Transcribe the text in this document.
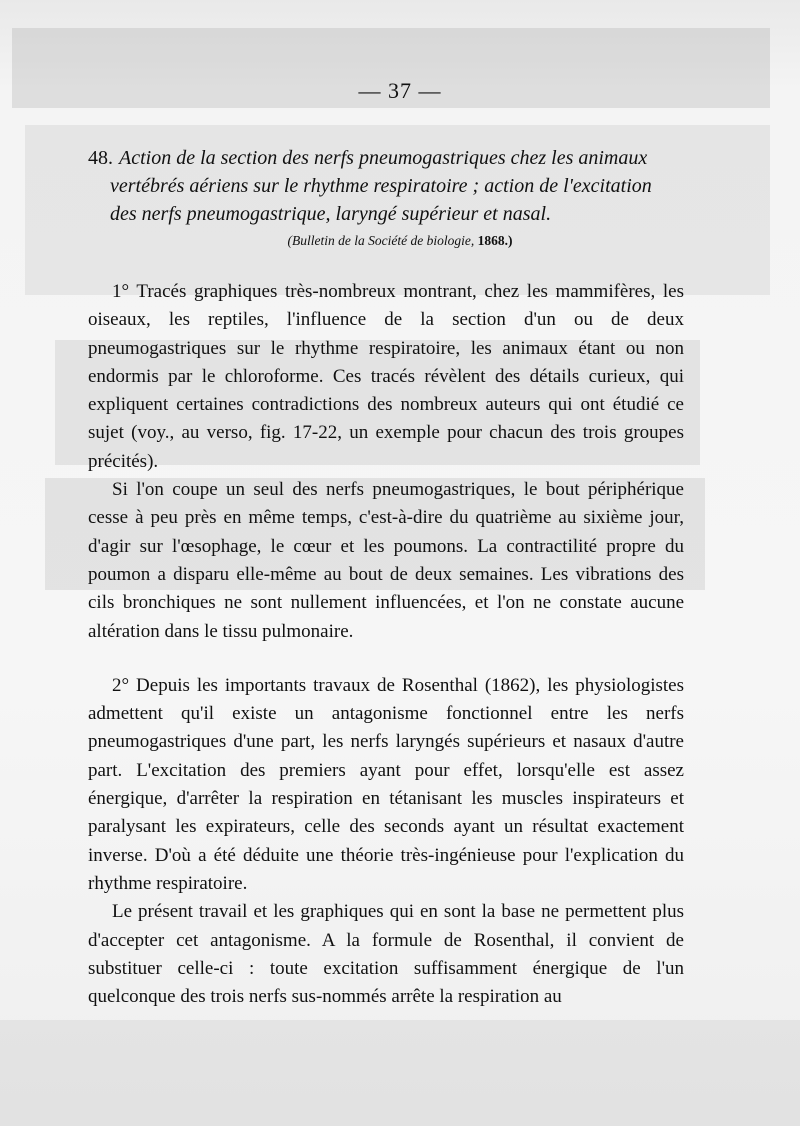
— 37 —
48. Action de la section des nerfs pneumogastriques chez les animaux
vertébrés aériens sur le rhythme respiratoire ; action de l'excitation
des nerfs pneumogastrique, laryngé supérieur et nasal.
(Bulletin de la Société de biologie, 1868.)

1° Tracés graphiques très-nombreux montrant, chez les mammifères, les oiseaux, les reptiles, l'influence de la section d'un ou de deux pneumogastriques sur le rhythme respiratoire, les animaux étant ou non endormis par le chloroforme. Ces tracés révèlent des détails curieux, qui expliquent certaines contradictions des nombreux auteurs qui ont étudié ce sujet (voy., au verso, fig. 17-22, un exemple pour chacun des trois groupes précités).

Si l'on coupe un seul des nerfs pneumogastriques, le bout périphérique cesse à peu près en même temps, c'est-à-dire du quatrième au sixième jour, d'agir sur l'œsophage, le cœur et les poumons. La contractilité propre du poumon a disparu elle-même au bout de deux semaines. Les vibrations des cils bronchiques ne sont nullement influencées, et l'on ne constate aucune altération dans le tissu pulmonaire.

2° Depuis les importants travaux de Rosenthal (1862), les physiologistes admettent qu'il existe un antagonisme fonctionnel entre les nerfs pneumogastriques d'une part, les nerfs laryngés supérieurs et nasaux d'autre part. L'excitation des premiers ayant pour effet, lorsqu'elle est assez énergique, d'arrêter la respiration en tétanisant les muscles inspirateurs et paralysant les expirateurs, celle des seconds ayant un résultat exactement inverse. D'où a été déduite une théorie très-ingénieuse pour l'explication du rhythme respiratoire.

Le présent travail et les graphiques qui en sont la base ne permettent plus d'accepter cet antagonisme. A la formule de Rosenthal, il convient de substituer celle-ci : toute excitation suffisamment énergique de l'un quelconque des trois nerfs sus-nommés arrête la respiration au
